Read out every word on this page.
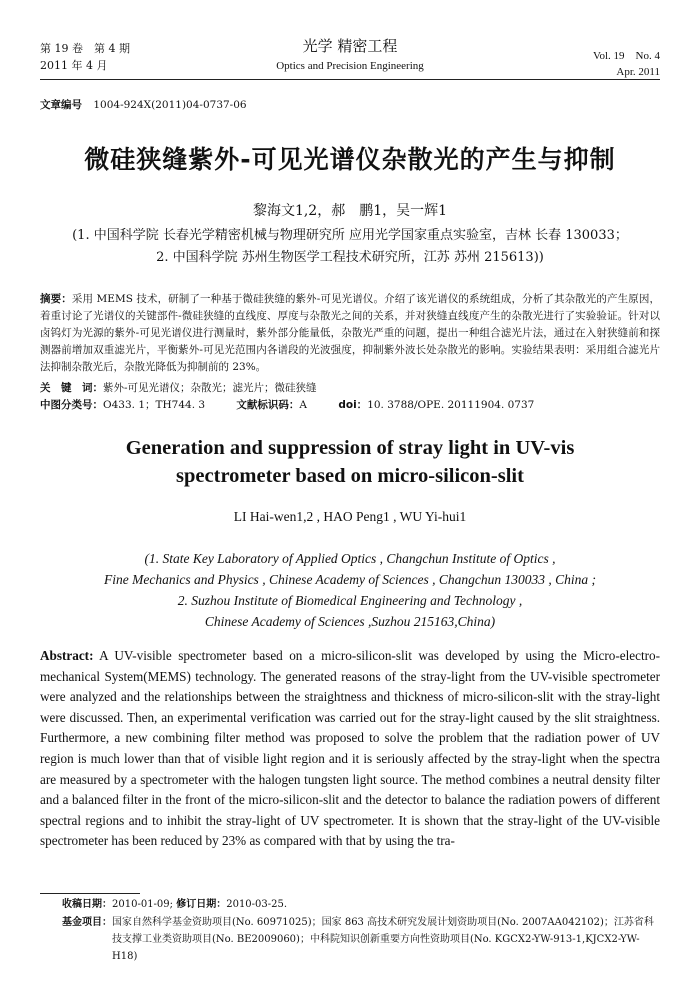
第 19 卷　第 4 期
2011 年 4 月
光学 精密工程
Optics and Precision Engineering
Vol. 19　No. 4
Apr. 2011
文章编号 1004-924X(2011)04-0737-06
微硅狭缝紫外-可见光谱仪杂散光的产生与抑制
黎海文1,2，郝　鹏1，吴一辉1
(1. 中国科学院 长春光学精密机械与物理研究所 应用光学国家重点实验室，吉林 长春 130033；
2. 中国科学院 苏州生物医学工程技术研究所，江苏 苏州 215613))
摘要：采用 MEMS 技术，研制了一种基于微硅狭缝的紫外-可见光谱仪。介绍了该光谱仪的系统组成，分析了其杂散光的产生原因，着重讨论了光谱仪的关键部件-微硅狭缝的直线度、厚度与杂散光之间的关系，并对狭缝直线度产生的杂散光进行了实验验证。针对以卤钨灯为光源的紫外-可见光谱仪进行测量时，紫外部分能量低，杂散光严重的问题，提出一种组合滤光片法，通过在入射狭缝前和探测器前增加双重滤光片，平衡紫外-可见光范围内各谱段的光波强度，抑制紫外波长处杂散光的影响。实验结果表明：采用组合滤光片法抑制杂散光后，杂散光降低为抑制前的 23%。
关　键　词：紫外-可见光谱仪；杂散光；滤光片；微硅狭缝
中图分类号：O433. 1；TH744. 3	文献标识码：A	doi：10. 3788/OPE. 20111904. 0737
Generation and suppression of stray light in UV-vis
spectrometer based on micro-silicon-slit
LI Hai-wen1,2 , HAO Peng1 , WU Yi-hui1
(1. State Key Laboratory of Applied Optics , Changchun Institute of Optics ,
Fine Mechanics and Physics , Chinese Academy of Sciences , Changchun 130033 , China ;
2. Suzhou Institute of Biomedical Engineering and Technology ,
Chinese Academy of Sciences ,Suzhou 215163,China)
Abstract: A UV-visible spectrometer based on a micro-silicon-slit was developed by using the Micro-electro-mechanical System(MEMS) technology. The generated reasons of the stray-light from the UV-visible spectrometer were analyzed and the relationships between the straightness and thickness of micro-silicon-slit with the stray-light were discussed. Then, an experimental verification was carried out for the stray-light caused by the slit straightness. Furthermore, a new combining filter method was proposed to solve the problem that the radiation power of UV region is much lower than that of visible light region and it is seriously affected by the stray-light when the spectra are measured by a spectrometer with the halogen tungsten light source. The method combines a neutral density filter and a balanced filter in the front of the micro-silicon-slit and the detector to balance the radiation powers of different spectral regions and to inhibit the stray-light of UV spectrometer. It is shown that the stray-light of the UV-visible spectrometer has been reduced by 23% as compared with that by using the tra-
收稿日期：2010-01-09; 修订日期：2010-03-25.
基金项目：国家自然科学基金资助项目(No. 60971025)；国家 863 高技术研究发展计划资助项目(No. 2007AA042102)；江苏省科技支撑工业类资助项目(No. BE2009060)；中科院知识创新重要方向性资助项目(No. KGCX2-YW-913-1,KJCX2-YW-H18)
